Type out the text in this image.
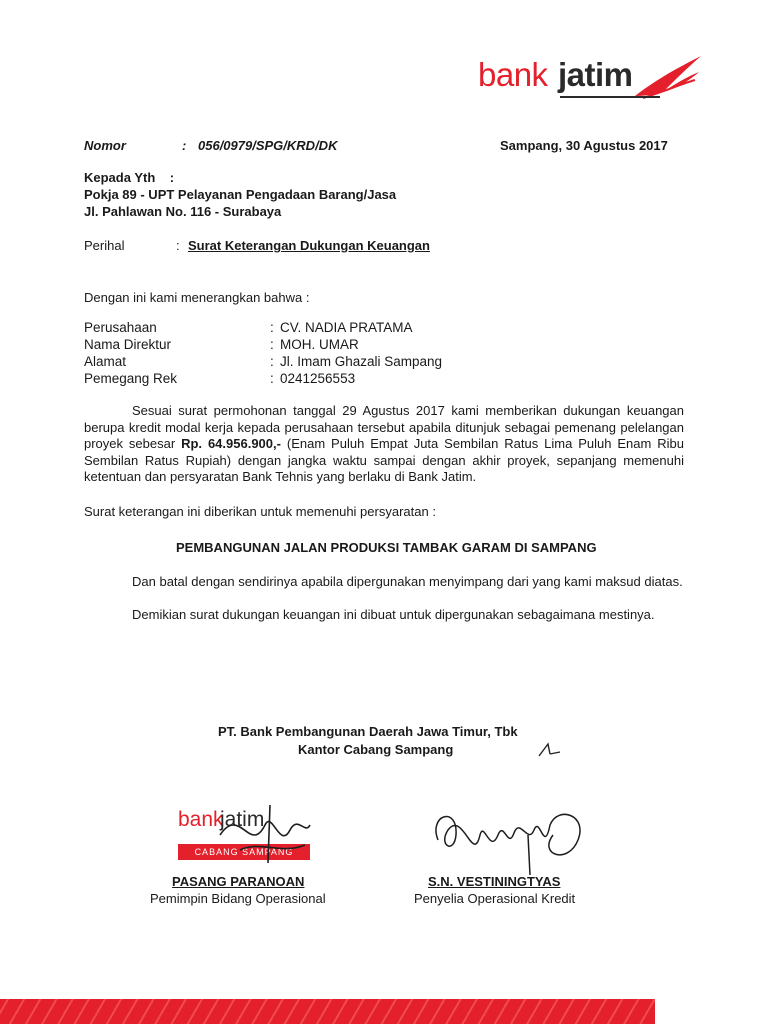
bank jatim
Nomor	: 056/0979/SPG/KRD/DK	Sampang, 30 Agustus 2017
Kepada Yth    :
Pokja 89 - UPT Pelayanan Pengadaan Barang/Jasa
Jl. Pahlawan No. 116 - Surabaya
Perihal	: Surat Keterangan Dukungan Keuangan
Dengan ini kami menerangkan bahwa :
Perusahaan	: CV. NADIA PRATAMA
Nama Direktur	: MOH. UMAR
Alamat	: Jl. Imam Ghazali Sampang
Pemegang Rek	: 0241256553
Sesuai surat permohonan tanggal 29 Agustus 2017 kami memberikan dukungan keuangan berupa kredit modal kerja kepada perusahaan tersebut apabila ditunjuk sebagai pemenang pelelangan proyek sebesar Rp. 64.956.900,- (Enam Puluh Empat Juta Sembilan Ratus Lima Puluh Enam Ribu Sembilan Ratus Rupiah) dengan jangka waktu sampai dengan akhir proyek, sepanjang memenuhi ketentuan dan persyaratan Bank Tehnis yang berlaku di Bank Jatim.
Surat keterangan ini diberikan untuk memenuhi persyaratan :
PEMBANGUNAN JALAN PRODUKSI TAMBAK GARAM DI SAMPANG
Dan batal dengan sendirinya apabila dipergunakan menyimpang dari yang kami maksud diatas.
Demikian surat dukungan keuangan ini dibuat untuk dipergunakan sebagaimana mestinya.
PT. Bank Pembangunan Daerah Jawa Timur, Tbk
Kantor Cabang Sampang
bank
jatim
CABANG SAMPANG
PASANG PARANOAN
Pemimpin Bidang Operasional
S.N. VESTININGTYAS
Penyelia Operasional Kredit
